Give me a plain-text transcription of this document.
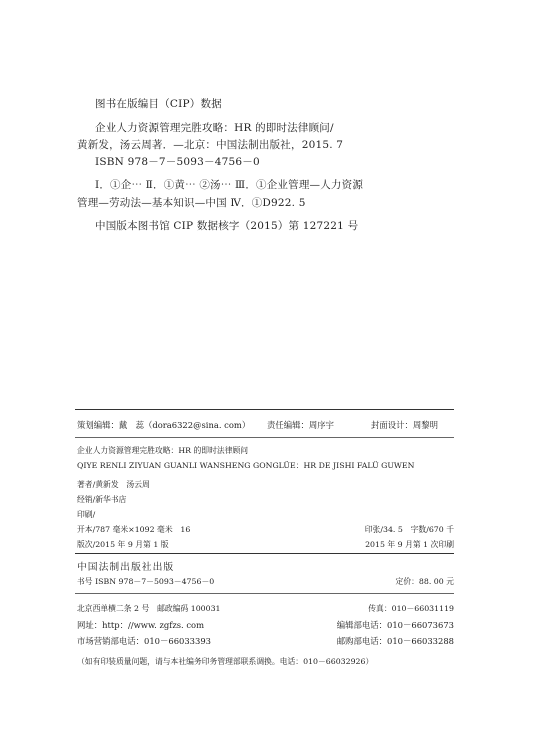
图书在版编目（CIP）数据
企业人力资源管理完胜攻略：HR 的即时法律顾问/
黄新发，汤云周著．—北京：中国法制出版社，2015. 7
ISBN 978－7－5093－4756－0
Ⅰ．①企⋯ Ⅱ．①黄⋯ ②汤⋯ Ⅲ．①企业管理—人力资源
管理—劳动法—基本知识—中国 Ⅳ．①D922. 5
中国版本图书馆 CIP 数据核字（2015）第 127221 号
策划编辑：戴　蕊（dora6322@sina. com） 责任编辑：周序宇	封面设计：周黎明
企业人力资源管理完胜攻略：HR 的即时法律顾问
QIYE RENLI ZIYUAN GUANLI WANSHENG GONGLÜE：HR DE JISHI FALÜ GUWEN
著者/黄新发　汤云周
经销/新华书店
印刷/
开本/787 毫米×1092 毫米　16	印张/34. 5　字数/670 千
版次/2015 年 9 月第 1 版	2015 年 9 月第 1 次印刷
中国法制出版社出版
书号 ISBN 978－7－5093－4756－0	定价：88. 00 元
北京西单横二条 2 号　邮政编码 100031	传真：010－66031119
网址：http：//www. zgfzs. com	编辑部电话：010－66073673
市场营销部电话：010－66033393	邮购部电话：010－66033288
（如有印装质量问题，请与本社编务印务管理部联系调换。电话：010－66032926）
